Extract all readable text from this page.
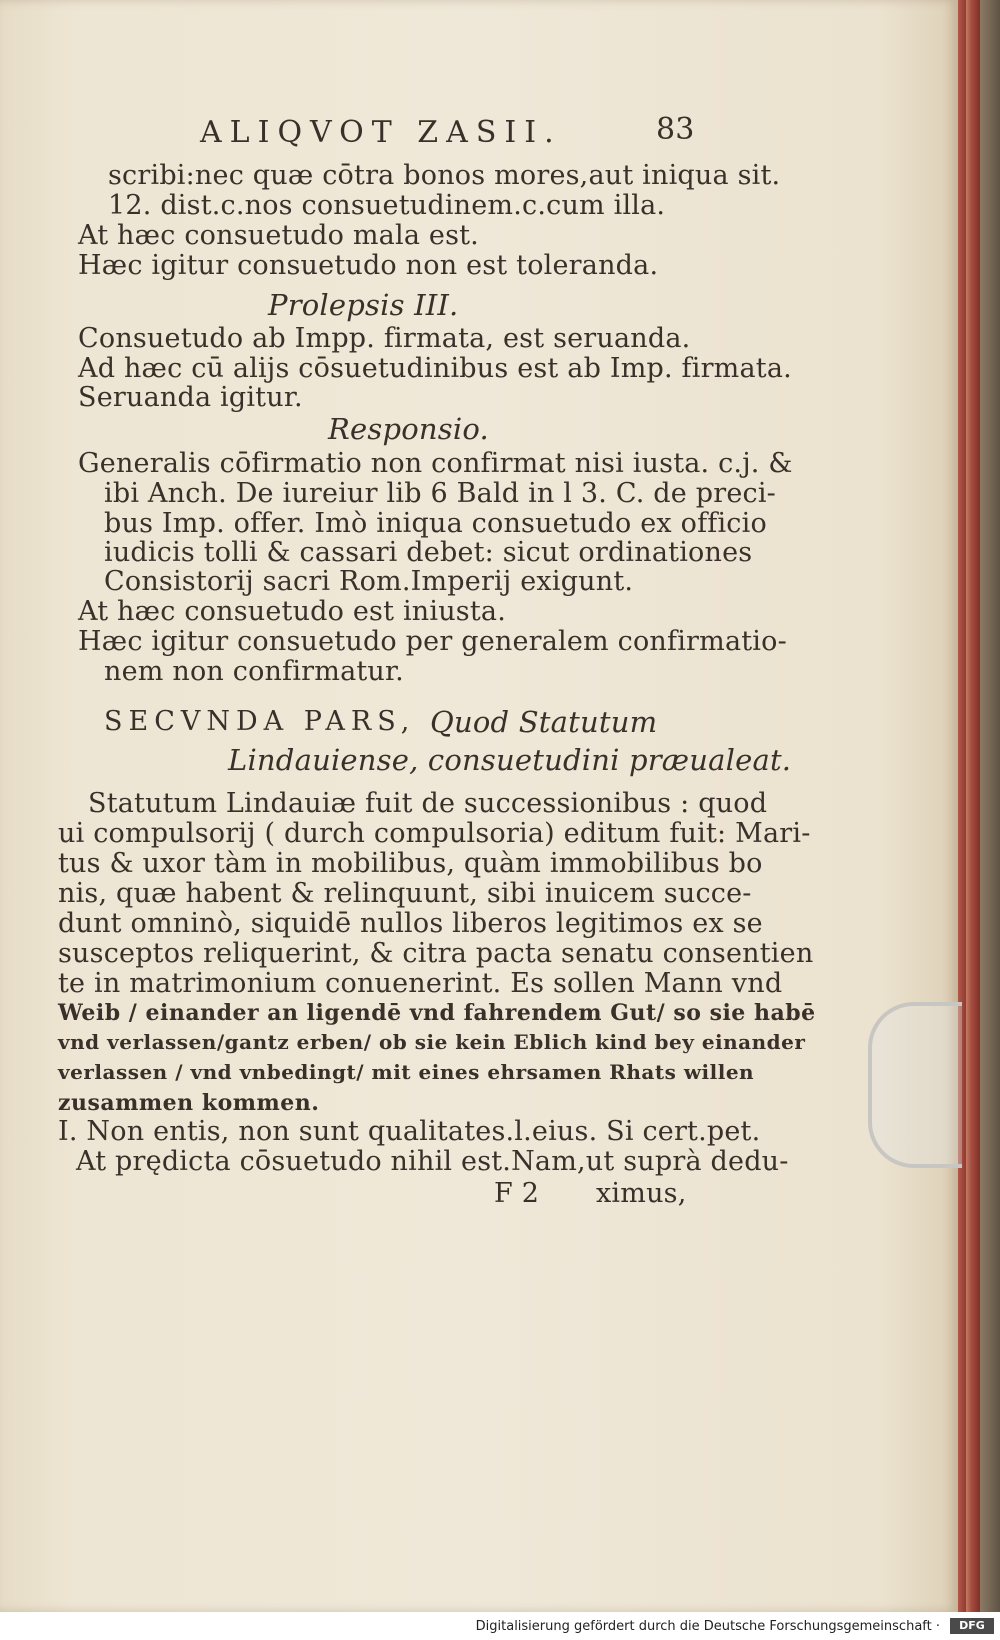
ALIQVOT ZASII.	83
scribi:nec quæ cōtra bonos mores,aut iniqua sit.
12. dist.c.nos consuetudinem.c.cum illa.
At hæc consuetudo mala est.
Hæc igitur consuetudo non est toleranda.
Prolepsis III.
Consuetudo ab Impp. firmata, est seruanda.
Ad hæc cū alijs cōsuetudinibus est ab Imp. firmata.
Seruanda igitur.
Responsio.
Generalis cōfirmatio non confirmat nisi iusta. c.j. &
ibi Anch. De iureiur lib 6 Bald in l 3. C. de preci-
bus Imp. offer. Imò iniqua consuetudo ex officio
iudicis tolli & cassari debet: sicut ordinationes
Consistorij sacri Rom.Imperij exigunt.
At hæc consuetudo est iniusta.
Hæc igitur consuetudo per generalem confirmatio-
nem non confirmatur.
SECVNDA PARS, Quod Statutum
Lindauiense, consuetudini præualeat.
Statutum Lindauiæ fuit de successionibus : quod
ui compulsorij ( durch compulsoria) editum fuit: Mari-
tus & uxor tàm in mobilibus, quàm immobilibus bo
nis, quæ habent & relinquunt, sibi inuicem succe-
dunt omninò, siquidē nullos liberos legitimos ex se
susceptos reliquerint, & citra pacta senatu consentien
te in matrimonium conuenerint. Es sollen Mann vnd
Weib / einander an ligendē vnd fahrendem Gut/ so sie habē
vnd verlassen/gantz erben/ ob sie kein Eblich kind bey einander
verlassen / vnd vnbedingt/ mit eines ehrsamen Rhats willen
zusammen kommen.
I. Non entis, non sunt qualitates.l.eius. Si cert.pet.
At prędicta cōsuetudo nihil est.Nam,ut suprà dedu-
F 2 ximus,
Digitalisierung gefördert durch die Deutsche Forschungsgemeinschaft ·	DFG
